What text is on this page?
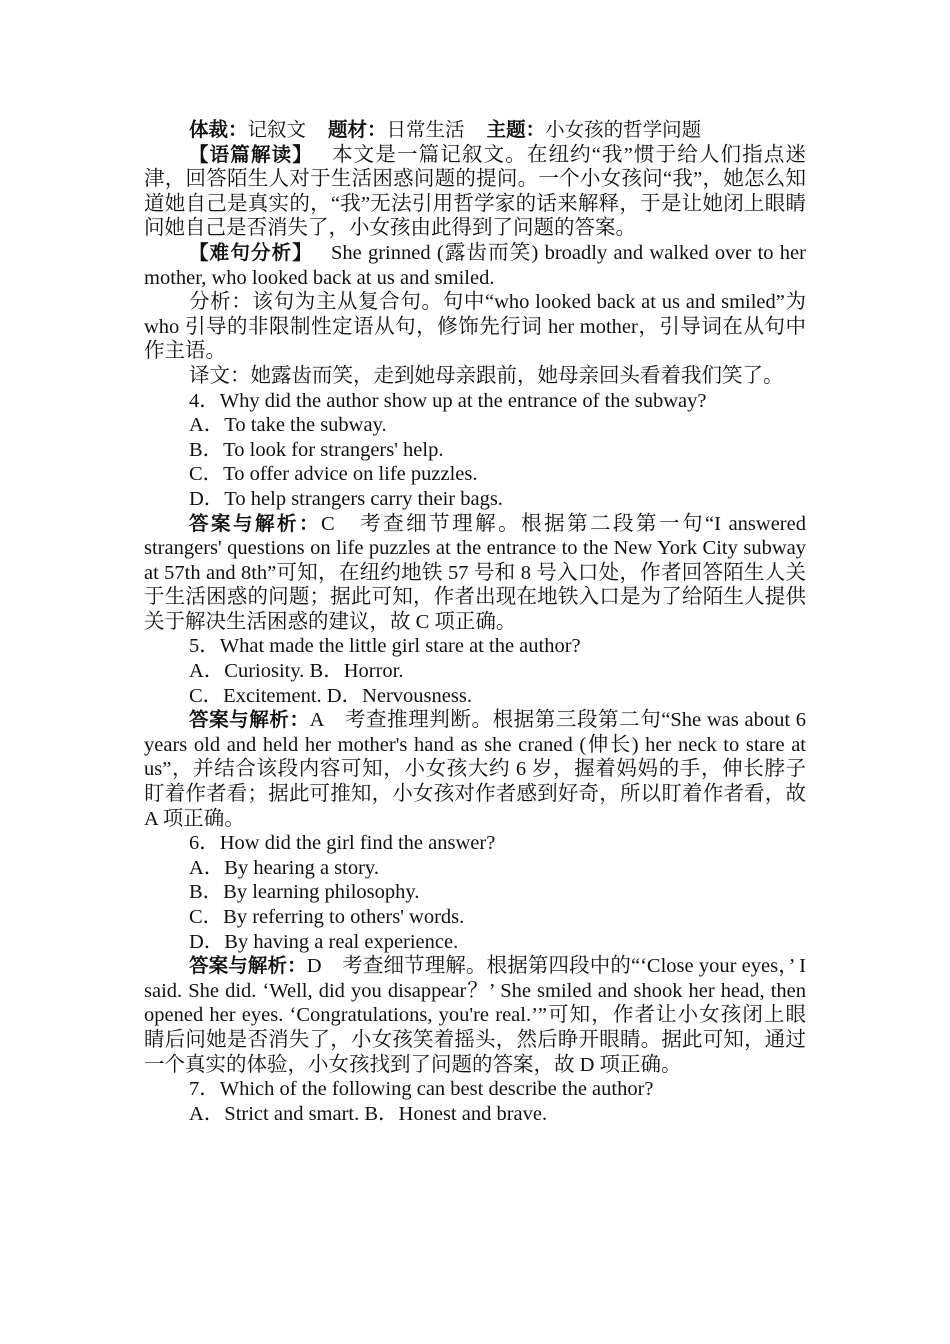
体裁：记叙文 题材：日常生活 主题：小女孩的哲学问题

【语篇解读】 本文是一篇记叙文。在纽约“我”惯于给人们指点迷津，回答陌生人对于生活困惑问题的提问。一个小女孩问“我”，她怎么知道她自己是真实的，“我”无法引用哲学家的话来解释，于是让她闭上眼睛问她自己是否消失了，小女孩由此得到了问题的答案。

【难句分析】 She grinned (露齿而笑) broadly and walked over to her mother, who looked back at us and smiled.

分析：该句为主从复合句。句中“who looked back at us and smiled”为 who 引导的非限制性定语从句，修饰先行词 her mother，引导词在从句中作主语。

译文：她露齿而笑，走到她母亲跟前，她母亲回头看着我们笑了。

4．Why did the author show up at the entrance of the subway?

A．To take the subway.

B．To look for strangers' help.

C．To offer advice on life puzzles.

D．To help strangers carry their bags.

答案与解析：C　考查细节理解。根据第二段第一句“I answered strangers' questions on life puzzles at the entrance to the New York City subway at 57th and 8th”可知，在纽约地铁 57 号和 8 号入口处，作者回答陌生人关于生活困惑的问题；据此可知，作者出现在地铁入口是为了给陌生人提供关于解决生活困惑的建议，故 C 项正确。

5．What made the little girl stare at the author?

A．Curiosity. B．Horror.

C．Excitement. D．Nervousness.

答案与解析：A　考查推理判断。根据第三段第二句“She was about 6 years old and held her mother's hand as she craned (伸长) her neck to stare at us”，并结合该段内容可知，小女孩大约 6 岁，握着妈妈的手，伸长脖子盯着作者看；据此可推知，小女孩对作者感到好奇，所以盯着作者看，故 A 项正确。

6．How did the girl find the answer?

A．By hearing a story.

B．By learning philosophy.

C．By referring to others' words.

D．By having a real experience.

答案与解析：D　考查细节理解。根据第四段中的“‘Close your eyes，’ I said. She did. ‘Well, did you disappear？’ She smiled and shook her head, then opened her eyes. ‘Congratulations, you're real.’”可知，作者让小女孩闭上眼睛后问她是否消失了，小女孩笑着摇头，然后睁开眼睛。据此可知，通过一个真实的体验，小女孩找到了问题的答案，故 D 项正确。

7．Which of the following can best describe the author?

A．Strict and smart. B．Honest and brave.
